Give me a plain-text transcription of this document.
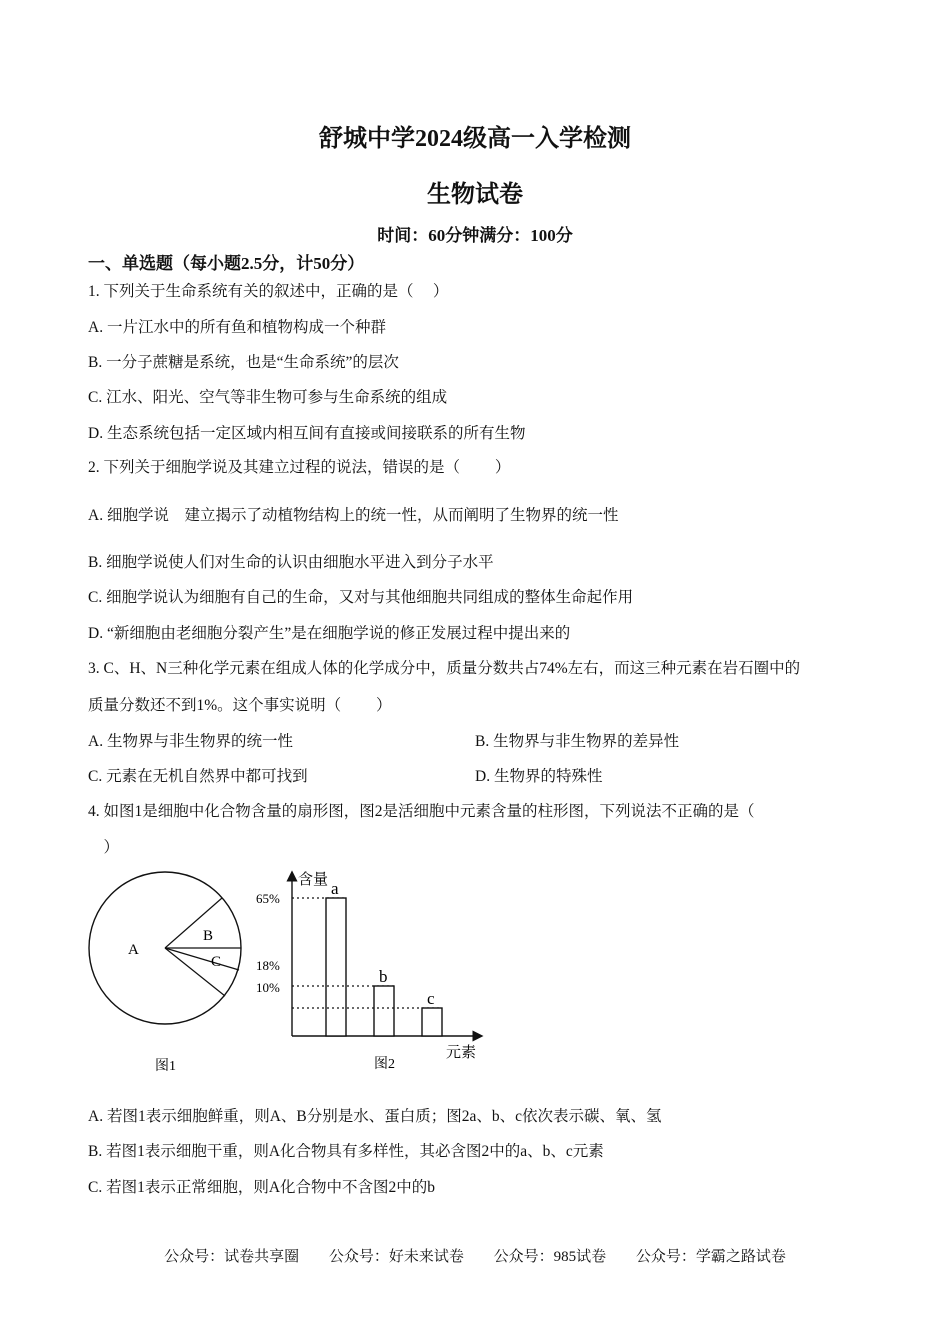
舒城中学2024级高一入学检测
生物试卷
时间：60分钟满分：100分
一、单选题（每小题2.5分，计50分）
1. 下列关于生命系统有关的叙述中，正确的是（　 ）
A. 一片江水中的所有鱼和植物构成一个种群
B. 一分子蔗糖是系统，也是“生命系统”的层次
C. 江水、阳光、空气等非生物可参与生命系统的组成
D. 生态系统包括一定区域内相互间有直接或间接联系的所有生物
2. 下列关于细胞学说及其建立过程的说法，错误的是（　　 ）
A. 细胞学说　建立揭示了动植物结构上的统一性，从而阐明了生物界的统一性
B. 细胞学说使人们对生命的认识由细胞水平进入到分子水平
C. 细胞学说认为细胞有自己的生命，又对与其他细胞共同组成的整体生命起作用
D. “新细胞由老细胞分裂产生”是在细胞学说的修正发展过程中提出来的
3. C、H、N三种化学元素在组成人体的化学成分中，质量分数共占74%左右，而这三种元素在岩石圈中的
质量分数还不到1%。这个事实说明（　　 ）
A. 生物界与非生物界的统一性	B. 生物界与非生物界的差异性
C. 元素在无机自然界中都可找到	D. 生物界的特殊性
4. 如图1是细胞中化合物含量的扇形图，图2是活细胞中元素含量的柱形图，下列说法不正确的是（
　）
A
B
C
图1
含量
元素
65%
18%
10%
a
b
c
图2
A. 若图1表示细胞鲜重，则A、B分别是水、蛋白质；图2a、b、c依次表示碳、氧、氢
B. 若图1表示细胞干重，则A化合物具有多样性，其必含图2中的a、b、c元素
C. 若图1表示正常细胞，则A化合物中不含图2中的b
公众号：试卷共享圈 公众号：好未来试卷 公众号：985试卷 公众号：学霸之路试卷
